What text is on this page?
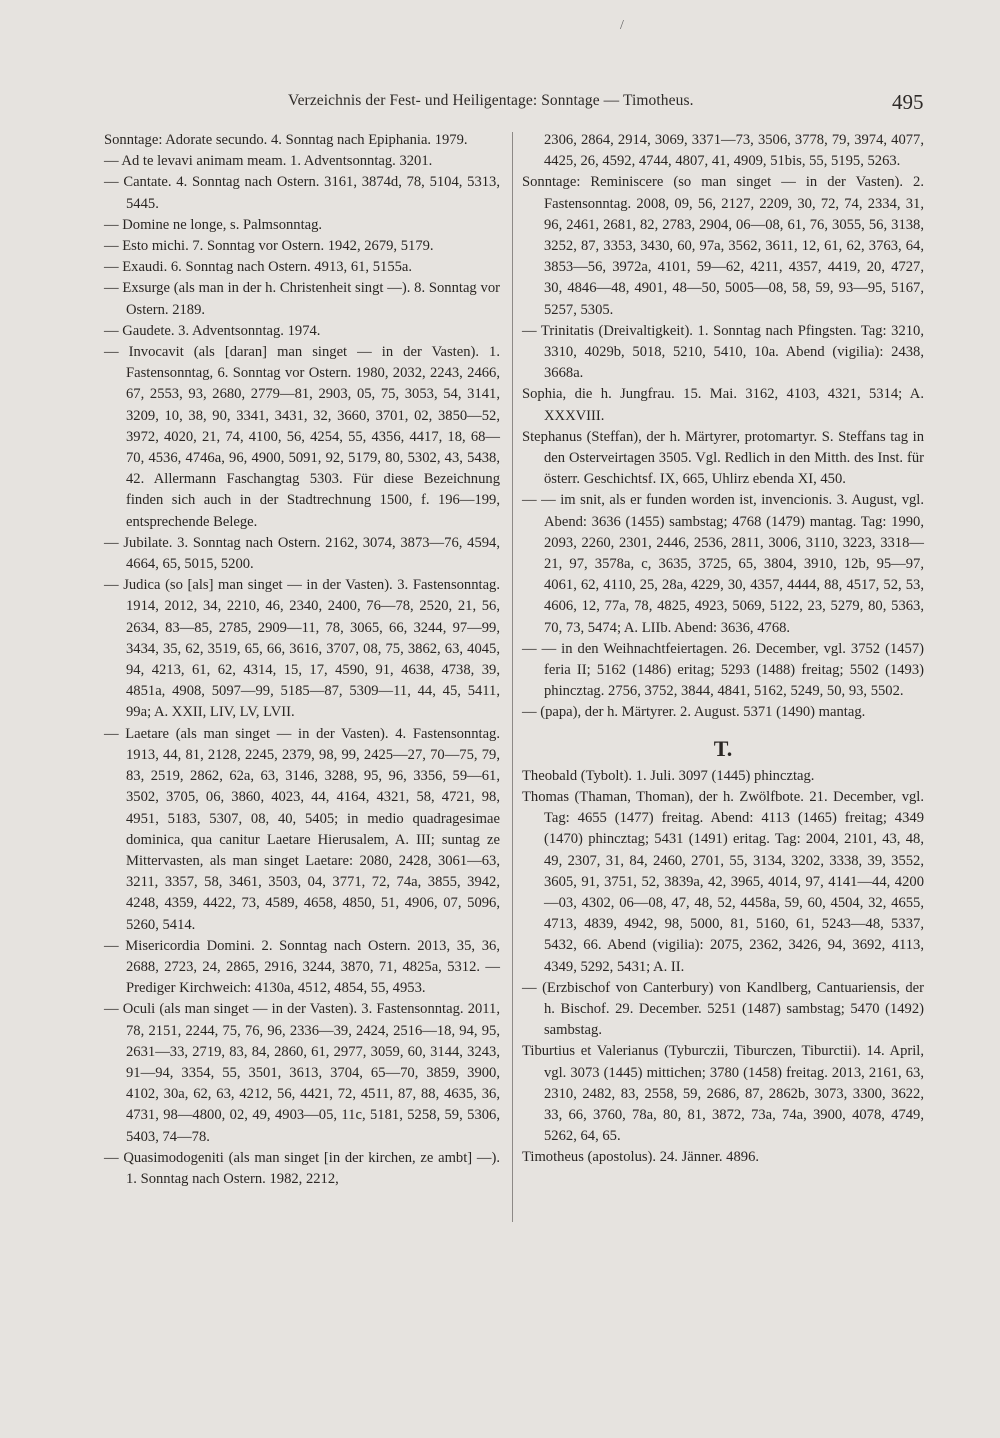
/
Verzeichnis der Fest- und Heiligentage: Sonntage — Timotheus.	495

Sonntage: Adorate secundo. 4. Sonntag nach Epiphania. 1979.

— Ad te levavi animam meam. 1. Adventsonntag. 3201.

— Cantate. 4. Sonntag nach Ostern. 3161, 3874d, 78, 5104, 5313, 5445.

— Domine ne longe, s. Palmsonntag.

— Esto michi. 7. Sonntag vor Ostern. 1942, 2679, 5179.

— Exaudi. 6. Sonntag nach Ostern. 4913, 61, 5155a.

— Exsurge (als man in der h. Christenheit singt —). 8. Sonntag vor Ostern. 2189.

— Gaudete. 3. Adventsonntag. 1974.

— Invocavit (als [daran] man singet — in der Vasten). 1. Fastensonntag, 6. Sonntag vor Ostern. 1980, 2032, 2243, 2466, 67, 2553, 93, 2680, 2779—81, 2903, 05, 75, 3053, 54, 3141, 3209, 10, 38, 90, 3341, 3431, 32, 3660, 3701, 02, 3850—52, 3972, 4020, 21, 74, 4100, 56, 4254, 55, 4356, 4417, 18, 68—70, 4536, 4746a, 96, 4900, 5091, 92, 5179, 80, 5302, 43, 5438, 42. Allermann Faschangtag 5303. Für diese Bezeichnung finden sich auch in der Stadtrechnung 1500, f. 196—199, entsprechende Belege.

— Jubilate. 3. Sonntag nach Ostern. 2162, 3074, 3873—76, 4594, 4664, 65, 5015, 5200.

— Judica (so [als] man singet — in der Vasten). 3. Fastensonntag. 1914, 2012, 34, 2210, 46, 2340, 2400, 76—78, 2520, 21, 56, 2634, 83—85, 2785, 2909—11, 78, 3065, 66, 3244, 97—99, 3434, 35, 62, 3519, 65, 66, 3616, 3707, 08, 75, 3862, 63, 4045, 94, 4213, 61, 62, 4314, 15, 17, 4590, 91, 4638, 4738, 39, 4851a, 4908, 5097—99, 5185—87, 5309—11, 44, 45, 5411, 99a; A. XXII, LIV, LV, LVII.

— Laetare (als man singet — in der Vasten). 4. Fastensonntag. 1913, 44, 81, 2128, 2245, 2379, 98, 99, 2425—27, 70—75, 79, 83, 2519, 2862, 62a, 63, 3146, 3288, 95, 96, 3356, 59—61, 3502, 3705, 06, 3860, 4023, 44, 4164, 4321, 58, 4721, 98, 4951, 5183, 5307, 08, 40, 5405; in medio quadragesimae dominica, qua canitur Laetare Hierusalem, A. III; suntag ze Mittervasten, als man singet Laetare: 2080, 2428, 3061—63, 3211, 3357, 58, 3461, 3503, 04, 3771, 72, 74a, 3855, 3942, 4248, 4359, 4422, 73, 4589, 4658, 4850, 51, 4906, 07, 5096, 5260, 5414.

— Misericordia Domini. 2. Sonntag nach Ostern. 2013, 35, 36, 2688, 2723, 24, 2865, 2916, 3244, 3870, 71, 4825a, 5312. — Prediger Kirchweich: 4130a, 4512, 4854, 55, 4953.

— Oculi (als man singet — in der Vasten). 3. Fastensonntag. 2011, 78, 2151, 2244, 75, 76, 96, 2336—39, 2424, 2516—18, 94, 95, 2631—33, 2719, 83, 84, 2860, 61, 2977, 3059, 60, 3144, 3243, 91—94, 3354, 55, 3501, 3613, 3704, 65—70, 3859, 3900, 4102, 30a, 62, 63, 4212, 56, 4421, 72, 4511, 87, 88, 4635, 36, 4731, 98—4800, 02, 49, 4903—05, 11c, 5181, 5258, 59, 5306, 5403, 74—78.

— Quasimodogeniti (als man singet [in der kirchen, ze ambt] —). 1. Sonntag nach Ostern. 1982, 2212,

2306, 2864, 2914, 3069, 3371—73, 3506, 3778, 79, 3974, 4077, 4425, 26, 4592, 4744, 4807, 41, 4909, 51bis, 55, 5195, 5263.

Sonntage: Reminiscere (so man singet — in der Vasten). 2. Fastensonntag. 2008, 09, 56, 2127, 2209, 30, 72, 74, 2334, 31, 96, 2461, 2681, 82, 2783, 2904, 06—08, 61, 76, 3055, 56, 3138, 3252, 87, 3353, 3430, 60, 97a, 3562, 3611, 12, 61, 62, 3763, 64, 3853—56, 3972a, 4101, 59—62, 4211, 4357, 4419, 20, 4727, 30, 4846—48, 4901, 48—50, 5005—08, 58, 59, 93—95, 5167, 5257, 5305.

— Trinitatis (Dreivaltigkeit). 1. Sonntag nach Pfingsten. Tag: 3210, 3310, 4029b, 5018, 5210, 5410, 10a. Abend (vigilia): 2438, 3668a.

Sophia, die h. Jungfrau. 15. Mai. 3162, 4103, 4321, 5314; A. XXXVIII.

Stephanus (Steffan), der h. Märtyrer, protomartyr. S. Steffans tag in den Osterveirtagen 3505. Vgl. Redlich in den Mitth. des Inst. für österr. Geschichtsf. IX, 665, Uhlirz ebenda XI, 450.

— — im snit, als er funden worden ist, invencionis. 3. August, vgl. Abend: 3636 (1455) sambstag; 4768 (1479) mantag. Tag: 1990, 2093, 2260, 2301, 2446, 2536, 2811, 3006, 3110, 3223, 3318—21, 97, 3578a, c, 3635, 3725, 65, 3804, 3910, 12b, 95—97, 4061, 62, 4110, 25, 28a, 4229, 30, 4357, 4444, 88, 4517, 52, 53, 4606, 12, 77a, 78, 4825, 4923, 5069, 5122, 23, 5279, 80, 5363, 70, 73, 5474; A. LIIb. Abend: 3636, 4768.

— — in den Weihnachtfeiertagen. 26. December, vgl. 3752 (1457) feria II; 5162 (1486) eritag; 5293 (1488) freitag; 5502 (1493) phincztag. 2756, 3752, 3844, 4841, 5162, 5249, 50, 93, 5502.

— (papa), der h. Märtyrer. 2. August. 5371 (1490) mantag.

T.

Theobald (Tybolt). 1. Juli. 3097 (1445) phincztag.

Thomas (Thaman, Thoman), der h. Zwölfbote. 21. December, vgl. Tag: 4655 (1477) freitag. Abend: 4113 (1465) freitag; 4349 (1470) phincztag; 5431 (1491) eritag. Tag: 2004, 2101, 43, 48, 49, 2307, 31, 84, 2460, 2701, 55, 3134, 3202, 3338, 39, 3552, 3605, 91, 3751, 52, 3839a, 42, 3965, 4014, 97, 4141—44, 4200—03, 4302, 06—08, 47, 48, 52, 4458a, 59, 60, 4504, 32, 4655, 4713, 4839, 4942, 98, 5000, 81, 5160, 61, 5243—48, 5337, 5432, 66. Abend (vigilia): 2075, 2362, 3426, 94, 3692, 4113, 4349, 5292, 5431; A. II.

— (Erzbischof von Canterbury) von Kandlberg, Cantuariensis, der h. Bischof. 29. December. 5251 (1487) sambstag; 5470 (1492) sambstag.

Tiburtius et Valerianus (Tyburczii, Tiburczen, Tiburctii). 14. April, vgl. 3073 (1445) mittichen; 3780 (1458) freitag. 2013, 2161, 63, 2310, 2482, 83, 2558, 59, 2686, 87, 2862b, 3073, 3300, 3622, 33, 66, 3760, 78a, 80, 81, 3872, 73a, 74a, 3900, 4078, 4749, 5262, 64, 65.

Timotheus (apostolus). 24. Jänner. 4896.
